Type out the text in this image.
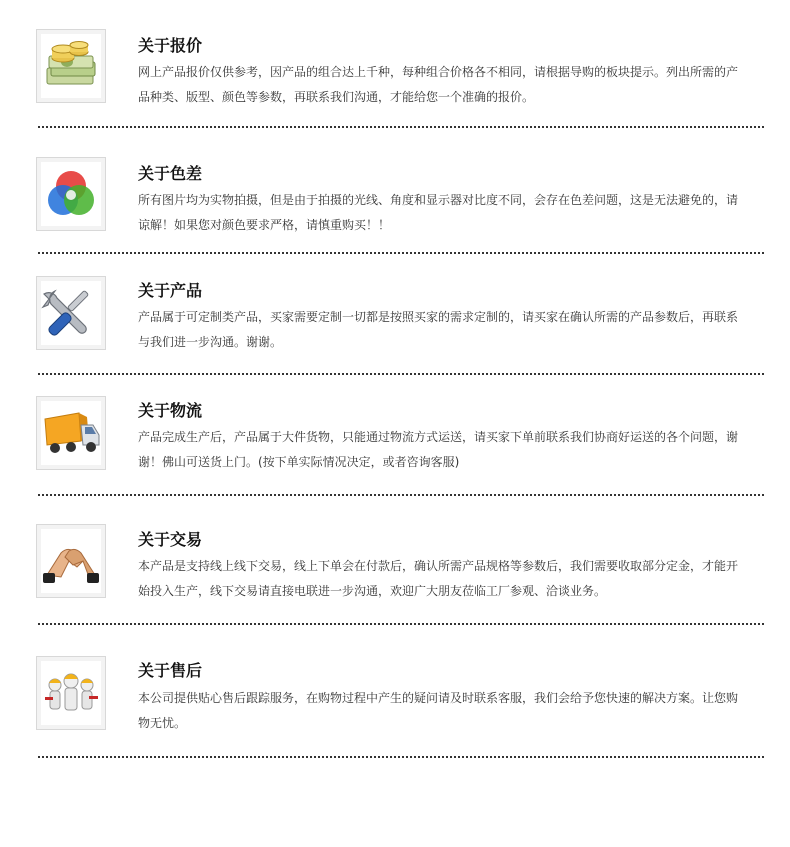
关于报价
网上产品报价仅供参考，因产品的组合达上千种，每种组合价格各不相同，请根据导购的板块提示。列出所需的产品种类、版型、颜色等参数，再联系我们沟通，才能给您一个准确的报价。
关于色差
所有图片均为实物拍摄，但是由于拍摄的光线、角度和显示器对比度不同，会存在色差问题，这是无法避免的，请谅解！如果您对颜色要求严格，请慎重购买！！
关于产品
产品属于可定制类产品，买家需要定制一切都是按照买家的需求定制的，请买家在确认所需的产品参数后，再联系与我们进一步沟通。谢谢。
关于物流
产品完成生产后，产品属于大件货物，只能通过物流方式运送，请买家下单前联系我们协商好运送的各个问题，谢谢！佛山可送货上门。(按下单实际情况决定，或者咨询客服)
关于交易
本产品是支持线上线下交易，线上下单会在付款后，确认所需产品规格等参数后，我们需要收取部分定金，才能开始投入生产，线下交易请直接电联进一步沟通，欢迎广大朋友莅临工厂参观、洽谈业务。
关于售后
本公司提供贴心售后跟踪服务，在购物过程中产生的疑问请及时联系客服，我们会给予您快速的解决方案。让您购物无忧。
